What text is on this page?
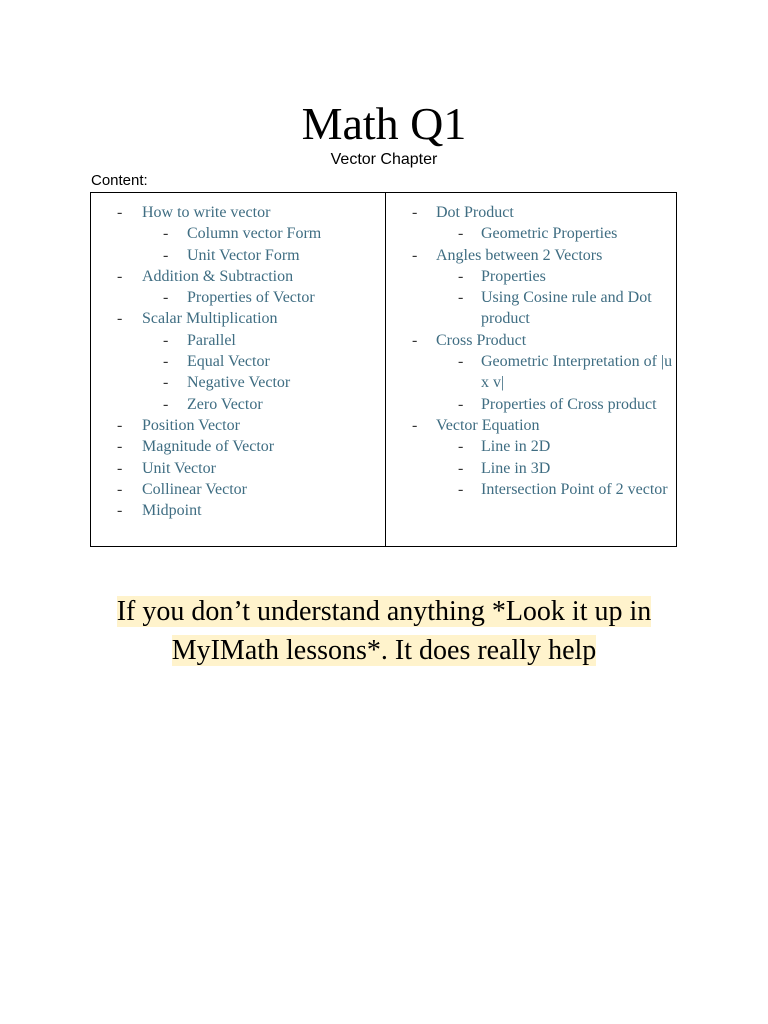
Math Q1
Vector Chapter
Content:
- How to write vector
- Column vector Form
- Unit Vector Form
- Addition & Subtraction
- Properties of Vector
- Scalar Multiplication
- Parallel
- Equal Vector
- Negative Vector
- Zero Vector
- Position Vector
- Magnitude of Vector
- Unit Vector
- Collinear Vector
- Midpoint
- Dot Product
- Geometric Properties
- Angles between 2 Vectors
- Properties
- Using Cosine rule and Dot product
- Cross Product
- Geometric Interpretation of |u x v|
- Properties of Cross product
- Vector Equation
- Line in 2D
- Line in 3D
- Intersection Point of 2 vector
If you don’t understand anything *Look it up in
MyIMath lessons*. It does really help
